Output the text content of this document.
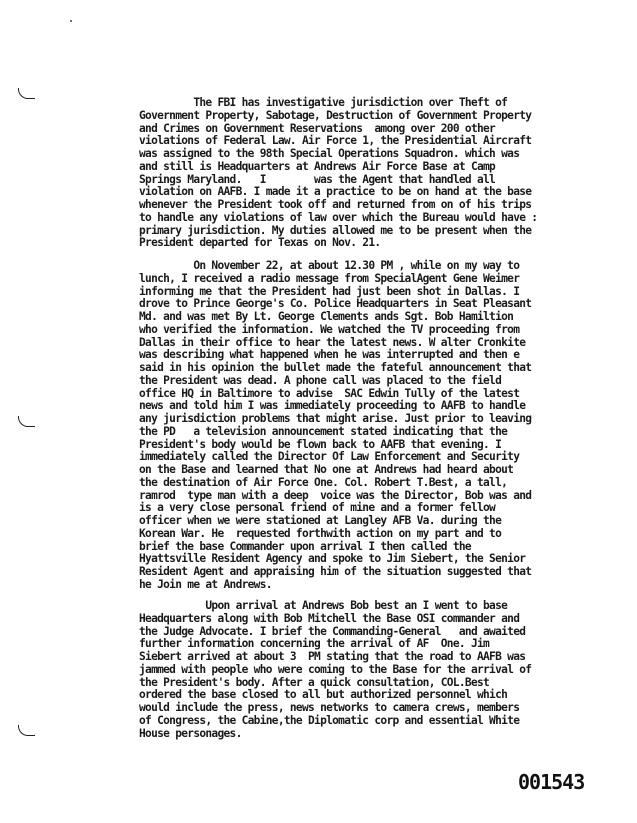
The FBI has investigative jurisdiction over Theft of
Government Property, Sabotage, Destruction of Government Property
and Crimes on Government Reservations  among over 200 other
violations of Federal Law. Air Force 1, the Presidential Aircraft
was assigned to the 98th Special Operations Squadron. which was
and still is Headquarters at Andrews Air Force Base at Camp
Springs Maryland.   I        was the Agent that handled all
violation on AAFB. I made it a practice to be on hand at the base
whenever the President took off and returned from on of his trips
to handle any violations of law over which the Bureau would have :
primary jurisdiction. My duties allowed me to be present when the
President departed for Texas on Nov. 21.
On November 22, at about 12.30 PM , while on my way to
lunch, I received a radio message from SpecialAgent Gene Weimer
informing me that the President had just been shot in Dallas. I
drove to Prince George's Co. Police Headquarters in Seat Pleasant
Md. and was met By Lt. George Clements ands Sgt. Bob Hamiltion
who verified the information. We watched the TV proceeding from
Dallas in their office to hear the latest news. W alter Cronkite
was describing what happened when he was interrupted and then e
said in his opinion the bullet made the fateful announcement that
the President was dead. A phone call was placed to the field
office HQ in Baltimore to advise  SAC Edwin Tully of the latest
news and told him I was immediately proceeding to AAFB to handle
any jurisdiction problems that might arise. Just prior to leaving
the PD   a television announcement stated indicating that the
President's body would be flown back to AAFB that evening. I
immediately called the Director Of Law Enforcement and Security
on the Base and learned that No one at Andrews had heard about
the destination of Air Force One. Col. Robert T.Best, a tall,
ramrod  type man with a deep  voice was the Director, Bob was and
is a very close personal friend of mine and a former fellow
officer when we were stationed at Langley AFB Va. during the
Korean War. He  requested forthwith action on my part and to
brief the base Commander upon arrival I then called the
Hyattsville Resident Agency and spoke to Jim Siebert, the Senior
Resident Agent and appraising him of the situation suggested that
he Join me at Andrews.
Upon arrival at Andrews Bob best an I went to base
Headquarters along with Bob Mitchell the Base OSI commander and
the Judge Advocate. I brief the Commanding-General   and awaited
further information concerning the arrival of AF  One. Jim
Siebert arrived at about 3  PM stating that the road to AAFB was
jammed with people who were coming to the Base for the arrival of
the President's body. After a quick consultation, COL.Best
ordered the base closed to all but authorized personnel which
would include the press, news networks to camera crews, members
of Congress, the Cabine,the Diplomatic corp and essential White
House personages.
001543
